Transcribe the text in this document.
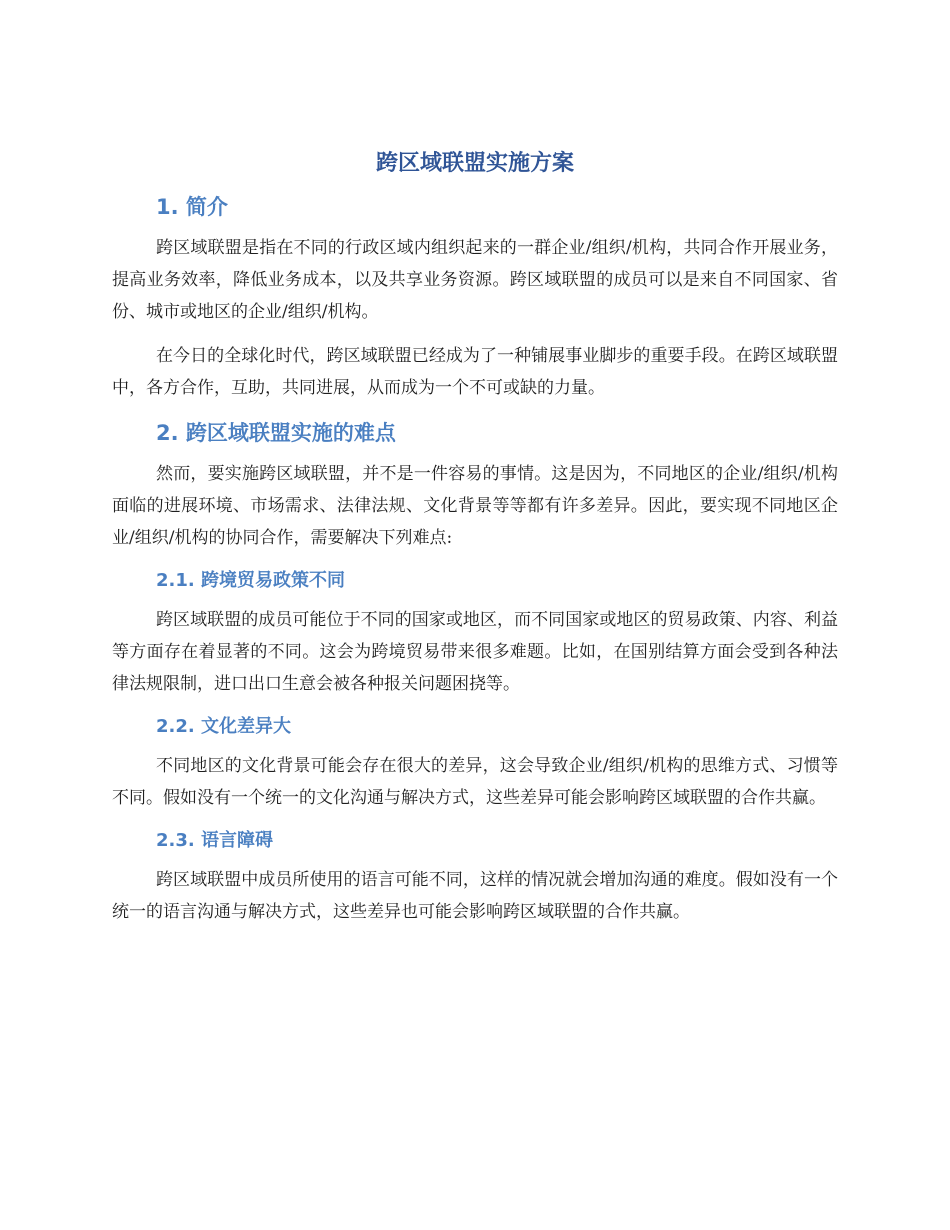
跨区域联盟实施方案
1. 简介

跨区域联盟是指在不同的行政区域内组织起来的一群企业/组织/机构，共同合作开展业务，提高业务效率，降低业务成本，以及共享业务资源。跨区域联盟的成员可以是来自不同国家、省份、城市或地区的企业/组织/机构。

在今日的全球化时代，跨区域联盟已经成为了一种铺展事业脚步的重要手段。在跨区域联盟中，各方合作，互助，共同进展，从而成为一个不可或缺的力量。

2. 跨区域联盟实施的难点

然而，要实施跨区域联盟，并不是一件容易的事情。这是因为，不同地区的企业/组织/机构面临的进展环境、市场需求、法律法规、文化背景等等都有许多差异。因此，要实现不同地区企业/组织/机构的协同合作，需要解决下列难点:

2.1. 跨境贸易政策不同

跨区域联盟的成员可能位于不同的国家或地区，而不同国家或地区的贸易政策、内容、利益等方面存在着显著的不同。这会为跨境贸易带来很多难题。比如，在国别结算方面会受到各种法律法规限制，进口出口生意会被各种报关问题困挠等。

2.2. 文化差异大

不同地区的文化背景可能会存在很大的差异，这会导致企业/组织/机构的思维方式、习惯等不同。假如没有一个统一的文化沟通与解决方式，这些差异可能会影响跨区域联盟的合作共赢。

2.3. 语言障碍

跨区域联盟中成员所使用的语言可能不同，这样的情况就会增加沟通的难度。假如没有一个统一的语言沟通与解决方式，这些差异也可能会影响跨区域联盟的合作共赢。
